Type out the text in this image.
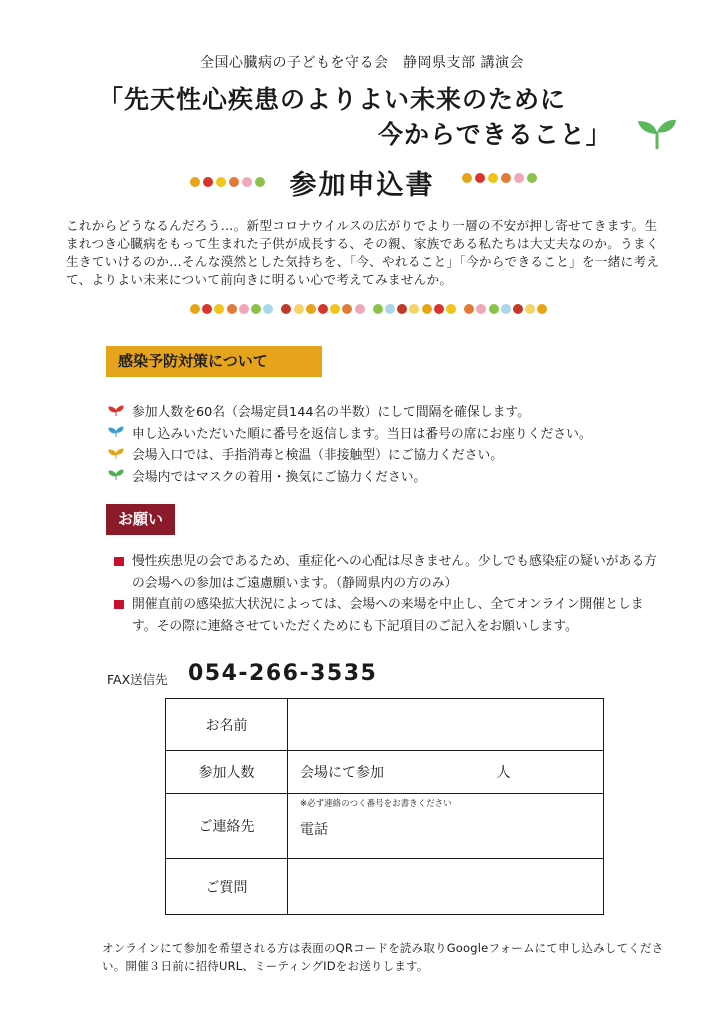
全国心臓病の子どもを守る会　静岡県支部 講演会
「先天性心疾患のよりよい未来のために
今からできること」
参加申込書
これからどうなるんだろう…。新型コロナウイルスの広がりでより一層の不安が押し寄せてきます。生まれつき心臓病をもって生まれた子供が成長する、その親、家族である私たちは大丈夫なのか。うまく生きていけるのか…そんな漠然とした気持ちを、「今、やれること」「今からできること」を一緒に考えて、よりよい未来について前向きに明るい心で考えてみませんか。
感染予防対策について
参加人数を60名（会場定員144名の半数）にして間隔を確保します。
申し込みいただいた順に番号を返信します。当日は番号の席にお座りください。
会場入口では、手指消毒と検温（非接触型）にご協力ください。
会場内ではマスクの着用・換気にご協力ください。
お願い
慢性疾患児の会であるため、重症化への心配は尽きません。少しでも感染症の疑いがある方の会場への参加はご遠慮願います。（静岡県内の方のみ）
開催直前の感染拡大状況によっては、会場への来場を中止し、全てオンライン開催とします。その際に連絡させていただくためにも下記項目のご記入をお願いします。
FAX送信先 054-266-3535
お名前	
参加人数	会場にて参加 人
ご連絡先	※必ず連絡のつく番号をお書きください
電話
ご質問	
オンラインにて参加を希望される方は表面のQRコードを読み取りGoogleフォームにて申し込みしてください。開催３日前に招待URL、ミーティングIDをお送りします。
